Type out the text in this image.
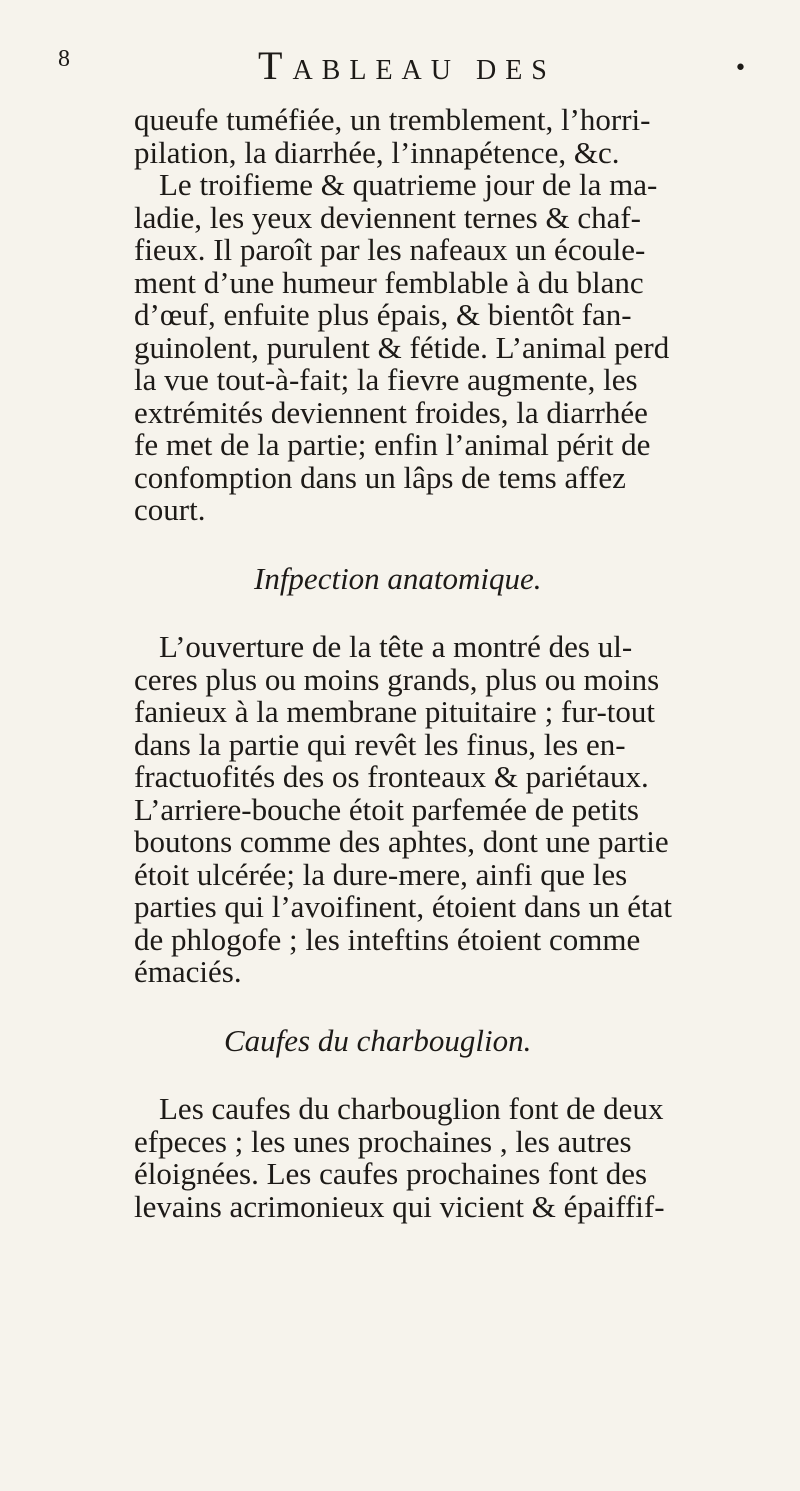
8	TABLEAU DES	•
queufe tuméfiée, un tremblement, l’horri-
pilation, la diarrhée, l’innapétence, &c.
Le troifieme & quatrieme jour de la ma-
ladie, les yeux deviennent ternes & chaf-
fieux. Il paroît par les nafeaux un écoule-
ment d’une humeur femblable à du blanc
d’œuf, enfuite plus épais, & bientôt fan-
guinolent, purulent & fétide. L’animal perd
la vue tout-à-fait; la fievre augmente, les
extrémités deviennent froides, la diarrhée
fe met de la partie; enfin l’animal périt de
confomption dans un lâps de tems affez
court.
Infpection anatomique.
L’ouverture de la tête a montré des ul-
ceres plus ou moins grands, plus ou moins
fanieux à la membrane pituitaire ; fur-tout
dans la partie qui revêt les finus, les en-
fractuofités des os fronteaux & pariétaux.
L’arriere-bouche étoit parfemée de petits
boutons comme des aphtes, dont une partie
étoit ulcérée; la dure-mere, ainfi que les
parties qui l’avoifinent, étoient dans un état
de phlogofe ; les inteftins étoient comme
émaciés.
Caufes du charbouglion.
Les caufes du charbouglion font de deux
efpeces ; les unes prochaines , les autres
éloignées. Les caufes prochaines font des
levains acrimonieux qui vicient & épaiffif-
